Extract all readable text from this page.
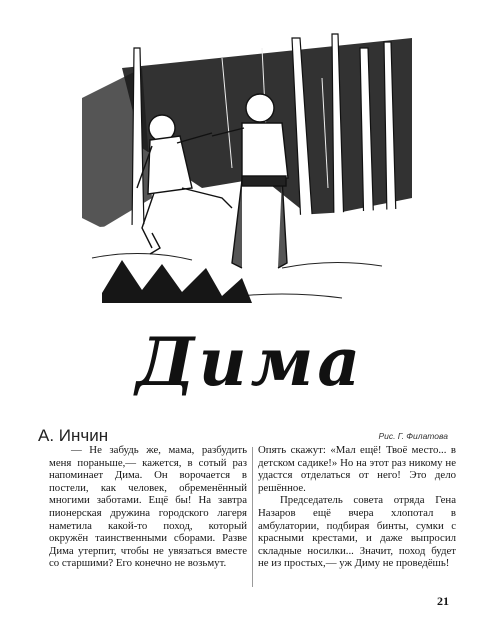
Дима
А. Инчин	Рис. Г. Филатова

— Не забудь же, мама, разбудить меня пораньше,— кажется, в сотый раз напоминает Дима. Он ворочается в постели, как человек, обременённый многими заботами. Ещё бы! На завтра пионерская дружина городского лагеря наметила какой-то поход, который окружён таинственными сборами. Разве Дима утерпит, чтобы не увязаться вместе со старшими? Его конечно не возьмут.

Опять скажут: «Мал ещё! Твоё место... в детском садике!» Но на этот раз никому не удастся отделаться от него! Это дело решённое.

Председатель совета отряда Гена Назаров ещё вчера хлопотал в амбулатории, подбирая бинты, сумки с красными крестами, и даже выпросил складные носилки... Значит, поход будет не из простых,— уж Диму не проведёшь!

21
